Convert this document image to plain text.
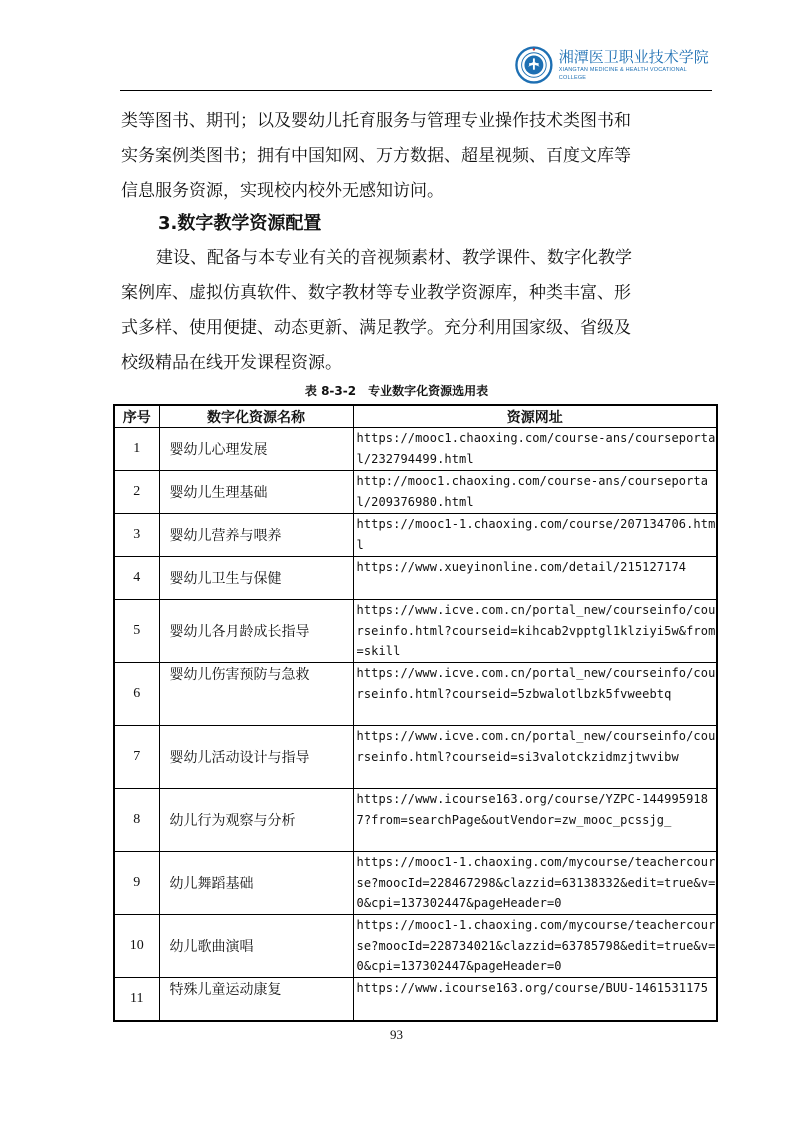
湘潭医卫职业技术学院
XIANGTAN MEDICINE & HEALTH VOCATIONAL COLLEGE
类等图书、期刊；以及婴幼儿托育服务与管理专业操作技术类图书和
实务案例类图书；拥有中国知网、万方数据、超星视频、百度文库等
信息服务资源，实现校内校外无感知访问。
3.数字教学资源配置
建设、配备与本专业有关的音视频素材、教学课件、数字化教学
案例库、虚拟仿真软件、数字教材等专业教学资源库，种类丰富、形
式多样、使用便捷、动态更新、满足教学。充分利用国家级、省级及
校级精品在线开发课程资源。
表 8-3-2　专业数字化资源选用表
序号	数字化资源名称	资源网址
1	婴幼儿心理发展	https://mooc1.chaoxing.com/course-ans/courseportal/232794499.html
2	婴幼儿生理基础	http://mooc1.chaoxing.com/course-ans/courseportal/209376980.html
3	婴幼儿营养与喂养	https://mooc1-1.chaoxing.com/course/207134706.html
4	婴幼儿卫生与保健	https://www.xueyinonline.com/detail/215127174
5	婴幼儿各月龄成长指导	https://www.icve.com.cn/portal_new/courseinfo/courseinfo.html?courseid=kihcab2vpptgl1klziyi5w&from=skill
6	婴幼儿伤害预防与急救	https://www.icve.com.cn/portal_new/courseinfo/courseinfo.html?courseid=5zbwalotlbzk5fvweebtq
7	婴幼儿活动设计与指导	https://www.icve.com.cn/portal_new/courseinfo/courseinfo.html?courseid=si3valotckzidmzjtwvibw
8	幼儿行为观察与分析	https://www.icourse163.org/course/YZPC-1449959187?from=searchPage&outVendor=zw_mooc_pcssjg_
9	幼儿舞蹈基础	https://mooc1-1.chaoxing.com/mycourse/teachercourse?moocId=228467298&clazzid=63138332&edit=true&v=0&cpi=137302447&pageHeader=0
10	幼儿歌曲演唱	https://mooc1-1.chaoxing.com/mycourse/teachercourse?moocId=228734021&clazzid=63785798&edit=true&v=0&cpi=137302447&pageHeader=0
11	特殊儿童运动康复	https://www.icourse163.org/course/BUU-1461531175
93
